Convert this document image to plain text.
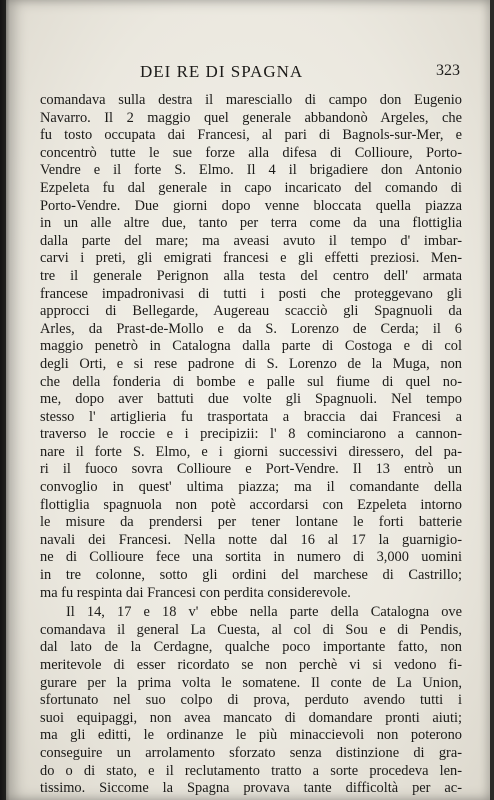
DEI RE DI SPAGNA	323
comandava sulla destra il maresciallo di campo don Eugenio
Navarro. Il 2 maggio quel generale abbandonò Argeles, che
fu tosto occupata dai Francesi, al pari di Bagnols-sur-Mer, e
concentrò tutte le sue forze alla difesa di Collioure, Porto-
Vendre e il forte S. Elmo. Il 4 il brigadiere don Antonio
Ezpeleta fu dal generale in capo incaricato del comando di
Porto-Vendre. Due giorni dopo venne bloccata quella piazza
in un alle altre due, tanto per terra come da una flottiglia
dalla parte del mare; ma aveasi avuto il tempo d' imbar-
carvi i preti, gli emigrati francesi e gli effetti preziosi. Men-
tre il generale Perignon alla testa del centro dell' armata
francese impadronivasi di tutti i posti che proteggevano gli
approcci di Bellegarde, Augereau scacciò gli Spagnuoli da
Arles, da Prast-de-Mollo e da S. Lorenzo de Cerda; il 6
maggio penetrò in Catalogna dalla parte di Costoga e di col
degli Orti, e si rese padrone di S. Lorenzo de la Muga, non
che della fonderia di bombe e palle sul fiume di quel no-
me, dopo aver battuti due volte gli Spagnuoli. Nel tempo
stesso l' artiglieria fu trasportata a braccia dai Francesi a
traverso le roccie e i precipizii: l' 8 cominciarono a cannon-
nare il forte S. Elmo, e i giorni successivi diressero, del pa-
ri il fuoco sovra Collioure e Port-Vendre. Il 13 entrò un
convoglio in quest' ultima piazza; ma il comandante della
flottiglia spagnuola non potè accordarsi con Ezpeleta intorno
le misure da prendersi per tener lontane le forti batterie
navali dei Francesi. Nella notte dal 16 al 17 la guarnigio-
ne di Collioure fece una sortita in numero di 3,000 uomini
in tre colonne, sotto gli ordini del marchese di Castrillo;
ma fu respinta dai Francesi con perdita considerevole.
Il 14, 17 e 18 v' ebbe nella parte della Catalogna ove
comandava il general La Cuesta, al col di Sou e di Pendis,
dal lato de la Cerdagne, qualche poco importante fatto, non
meritevole di esser ricordato se non perchè vi si vedono fi-
gurare per la prima volta le somatene. Il conte de La Union,
sfortunato nel suo colpo di prova, perduto avendo tutti i
suoi equipaggi, non avea mancato di domandare pronti aiuti;
ma gli editti, le ordinanze le più minaccievoli non poterono
conseguire un arrolamento sforzato senza distinzione di gra-
do o di stato, e il reclutamento tratto a sorte procedeva len-
tissimo. Siccome la Spagna provava tante difficoltà per ac-
